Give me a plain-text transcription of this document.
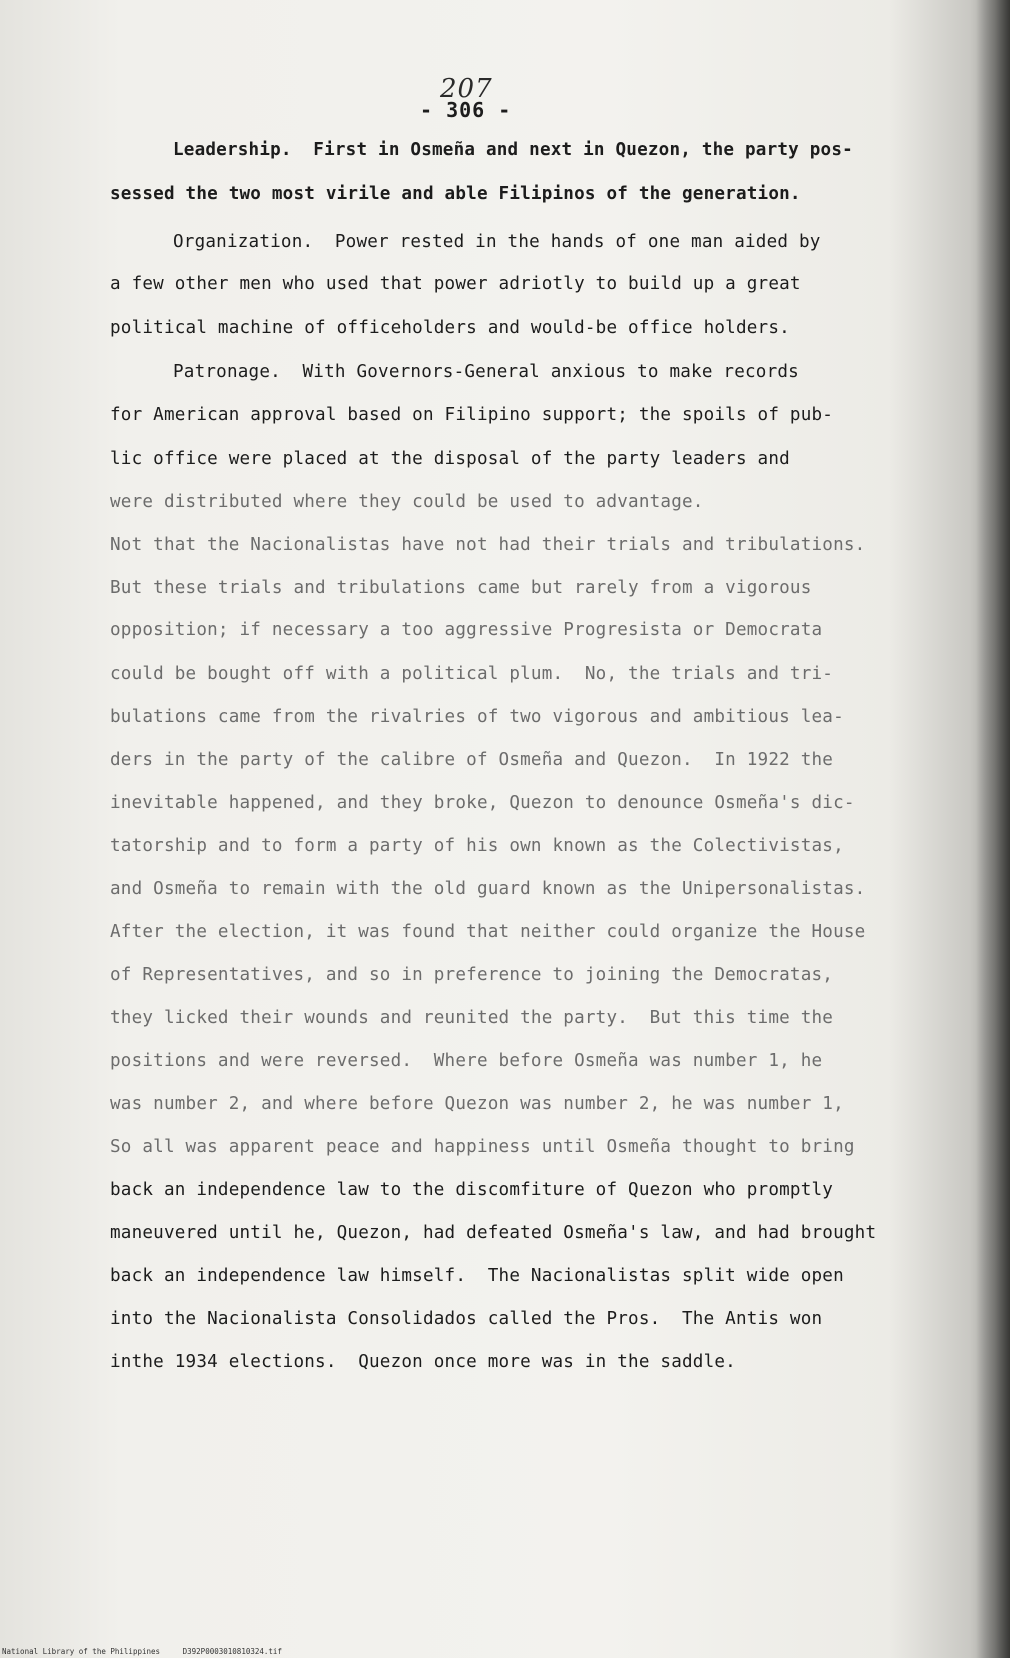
207
- 306 -
Leadership.  First in Osmeña and next in Quezon, the party pos-
sessed the two most virile and able Filipinos of the generation.
Organization.  Power rested in the hands of one man aided by
a few other men who used that power adriotly to build up a great
political machine of officeholders and would-be office holders.
Patronage.  With Governors-General anxious to make records
for American approval based on Filipino support; the spoils of pub-
lic office were placed at the disposal of the party leaders and
were distributed where they could be used to advantage.
Not that the Nacionalistas have not had their trials and tribulations.
But these trials and tribulations came but rarely from a vigorous
opposition; if necessary a too aggressive Progresista or Democrata
could be bought off with a political plum.  No, the trials and tri-
bulations came from the rivalries of two vigorous and ambitious lea-
ders in the party of the calibre of Osmeña and Quezon.  In 1922 the
inevitable happened, and they broke, Quezon to denounce Osmeña's dic-
tatorship and to form a party of his own known as the Colectivistas,
and Osmeña to remain with the old guard known as the Unipersonalistas.
After the election, it was found that neither could organize the House
of Representatives, and so in preference to joining the Democratas,
they licked their wounds and reunited the party.  But this time the
positions and were reversed.  Where before Osmeña was number 1, he
was number 2, and where before Quezon was number 2, he was number 1,
So all was apparent peace and happiness until Osmeña thought to bring
back an independence law to the discomfiture of Quezon who promptly
maneuvered until he, Quezon, had defeated Osmeña's law, and had brought
back an independence law himself.  The Nacionalistas split wide open
into the Nacionalista Consolidados called the Pros.  The Antis won
inthe 1934 elections.  Quezon once more was in the saddle.
National Library of the Philippines     D392P0003010810324.tif
